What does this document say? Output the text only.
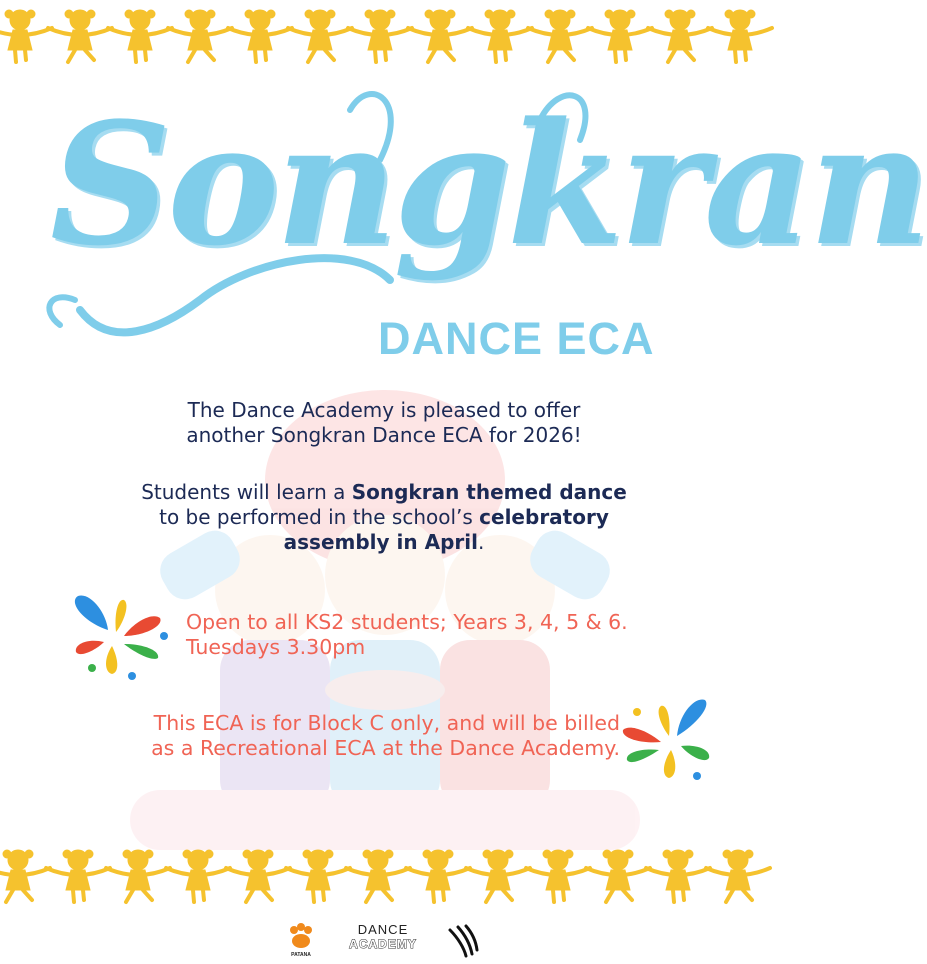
Songkran
DANCE ECA
The Dance Academy is pleased to offer
another Songkran Dance ECA for 2026!
Students will learn a Songkran themed dance
to be performed in the school’s celebratory
assembly in April.
Open to all KS2 students; Years 3, 4, 5 & 6.
Tuesdays 3.30pm
This ECA is for Block C only, and will be billed
as a Recreational ECA at the Dance Academy.
PATANA
DANCE
ACADEMY
